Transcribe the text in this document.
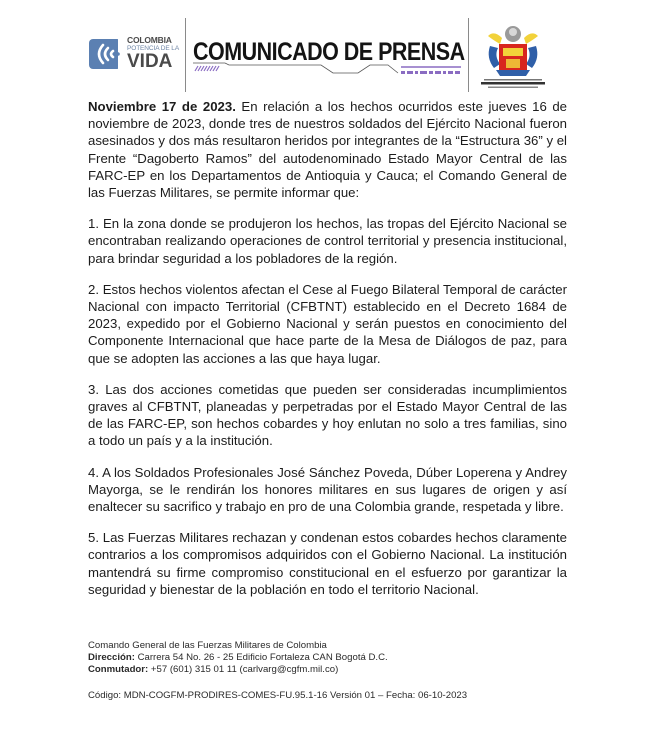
COLOMBIA
POTENCIA DE LA
VIDA COMUNICADO DE PRENSA

Noviembre 17 de 2023. En relación a los hechos ocurridos este jueves 16 de noviembre de 2023, donde tres de nuestros soldados del Ejército Nacional fueron asesinados y dos más resultaron heridos por integrantes de la “Estructura 36” y el Frente “Dagoberto Ramos” del autodenominado Estado Mayor Central de las FARC-EP en los Departamentos de Antioquia y Cauca; el Comando General de las Fuerzas Militares, se permite informar que:

1. En la zona donde se produjeron los hechos, las tropas del Ejército Nacional se encontraban realizando operaciones de control territorial y presencia institucional, para brindar seguridad a los pobladores de la región.

2. Estos hechos violentos afectan el Cese al Fuego Bilateral Temporal de carácter Nacional con impacto Territorial (CFBTNT) establecido en el Decreto 1684 de 2023, expedido por el Gobierno Nacional y serán puestos en conocimiento del Componente Internacional que hace parte de la Mesa de Diálogos de paz, para que se adopten las acciones a las que haya lugar.

3. Las dos acciones cometidas que pueden ser consideradas incumplimientos graves al CFBTNT, planeadas y perpetradas por el Estado Mayor Central de las de las FARC-EP, son hechos cobardes y hoy enlutan no solo a tres familias, sino a todo un país y a la institución.

4. A los Soldados Profesionales José Sánchez Poveda, Dúber Loperena y Andrey Mayorga, se le rendirán los honores militares en sus lugares de origen y así enaltecer su sacrifico y trabajo en pro de una Colombia grande, respetada y libre.

5. Las Fuerzas Militares rechazan y condenan estos cobardes hechos claramente contrarios a los compromisos adquiridos con el Gobierno Nacional. La institución mantendrá su firme compromiso constitucional en el esfuerzo por garantizar la seguridad y bienestar de la población en todo el territorio Nacional.

Comando General de las Fuerzas Militares de Colombia
Dirección: Carrera 54 No. 26 - 25 Edificio Fortaleza CAN Bogotá D.C.
Conmutador: +57 (601) 315 01 11 (carlvarg@cgfm.mil.co)
Código: MDN-COGFM-PRODIRES-COMES-FU.95.1-16 Versión 01 – Fecha: 06-10-2023
